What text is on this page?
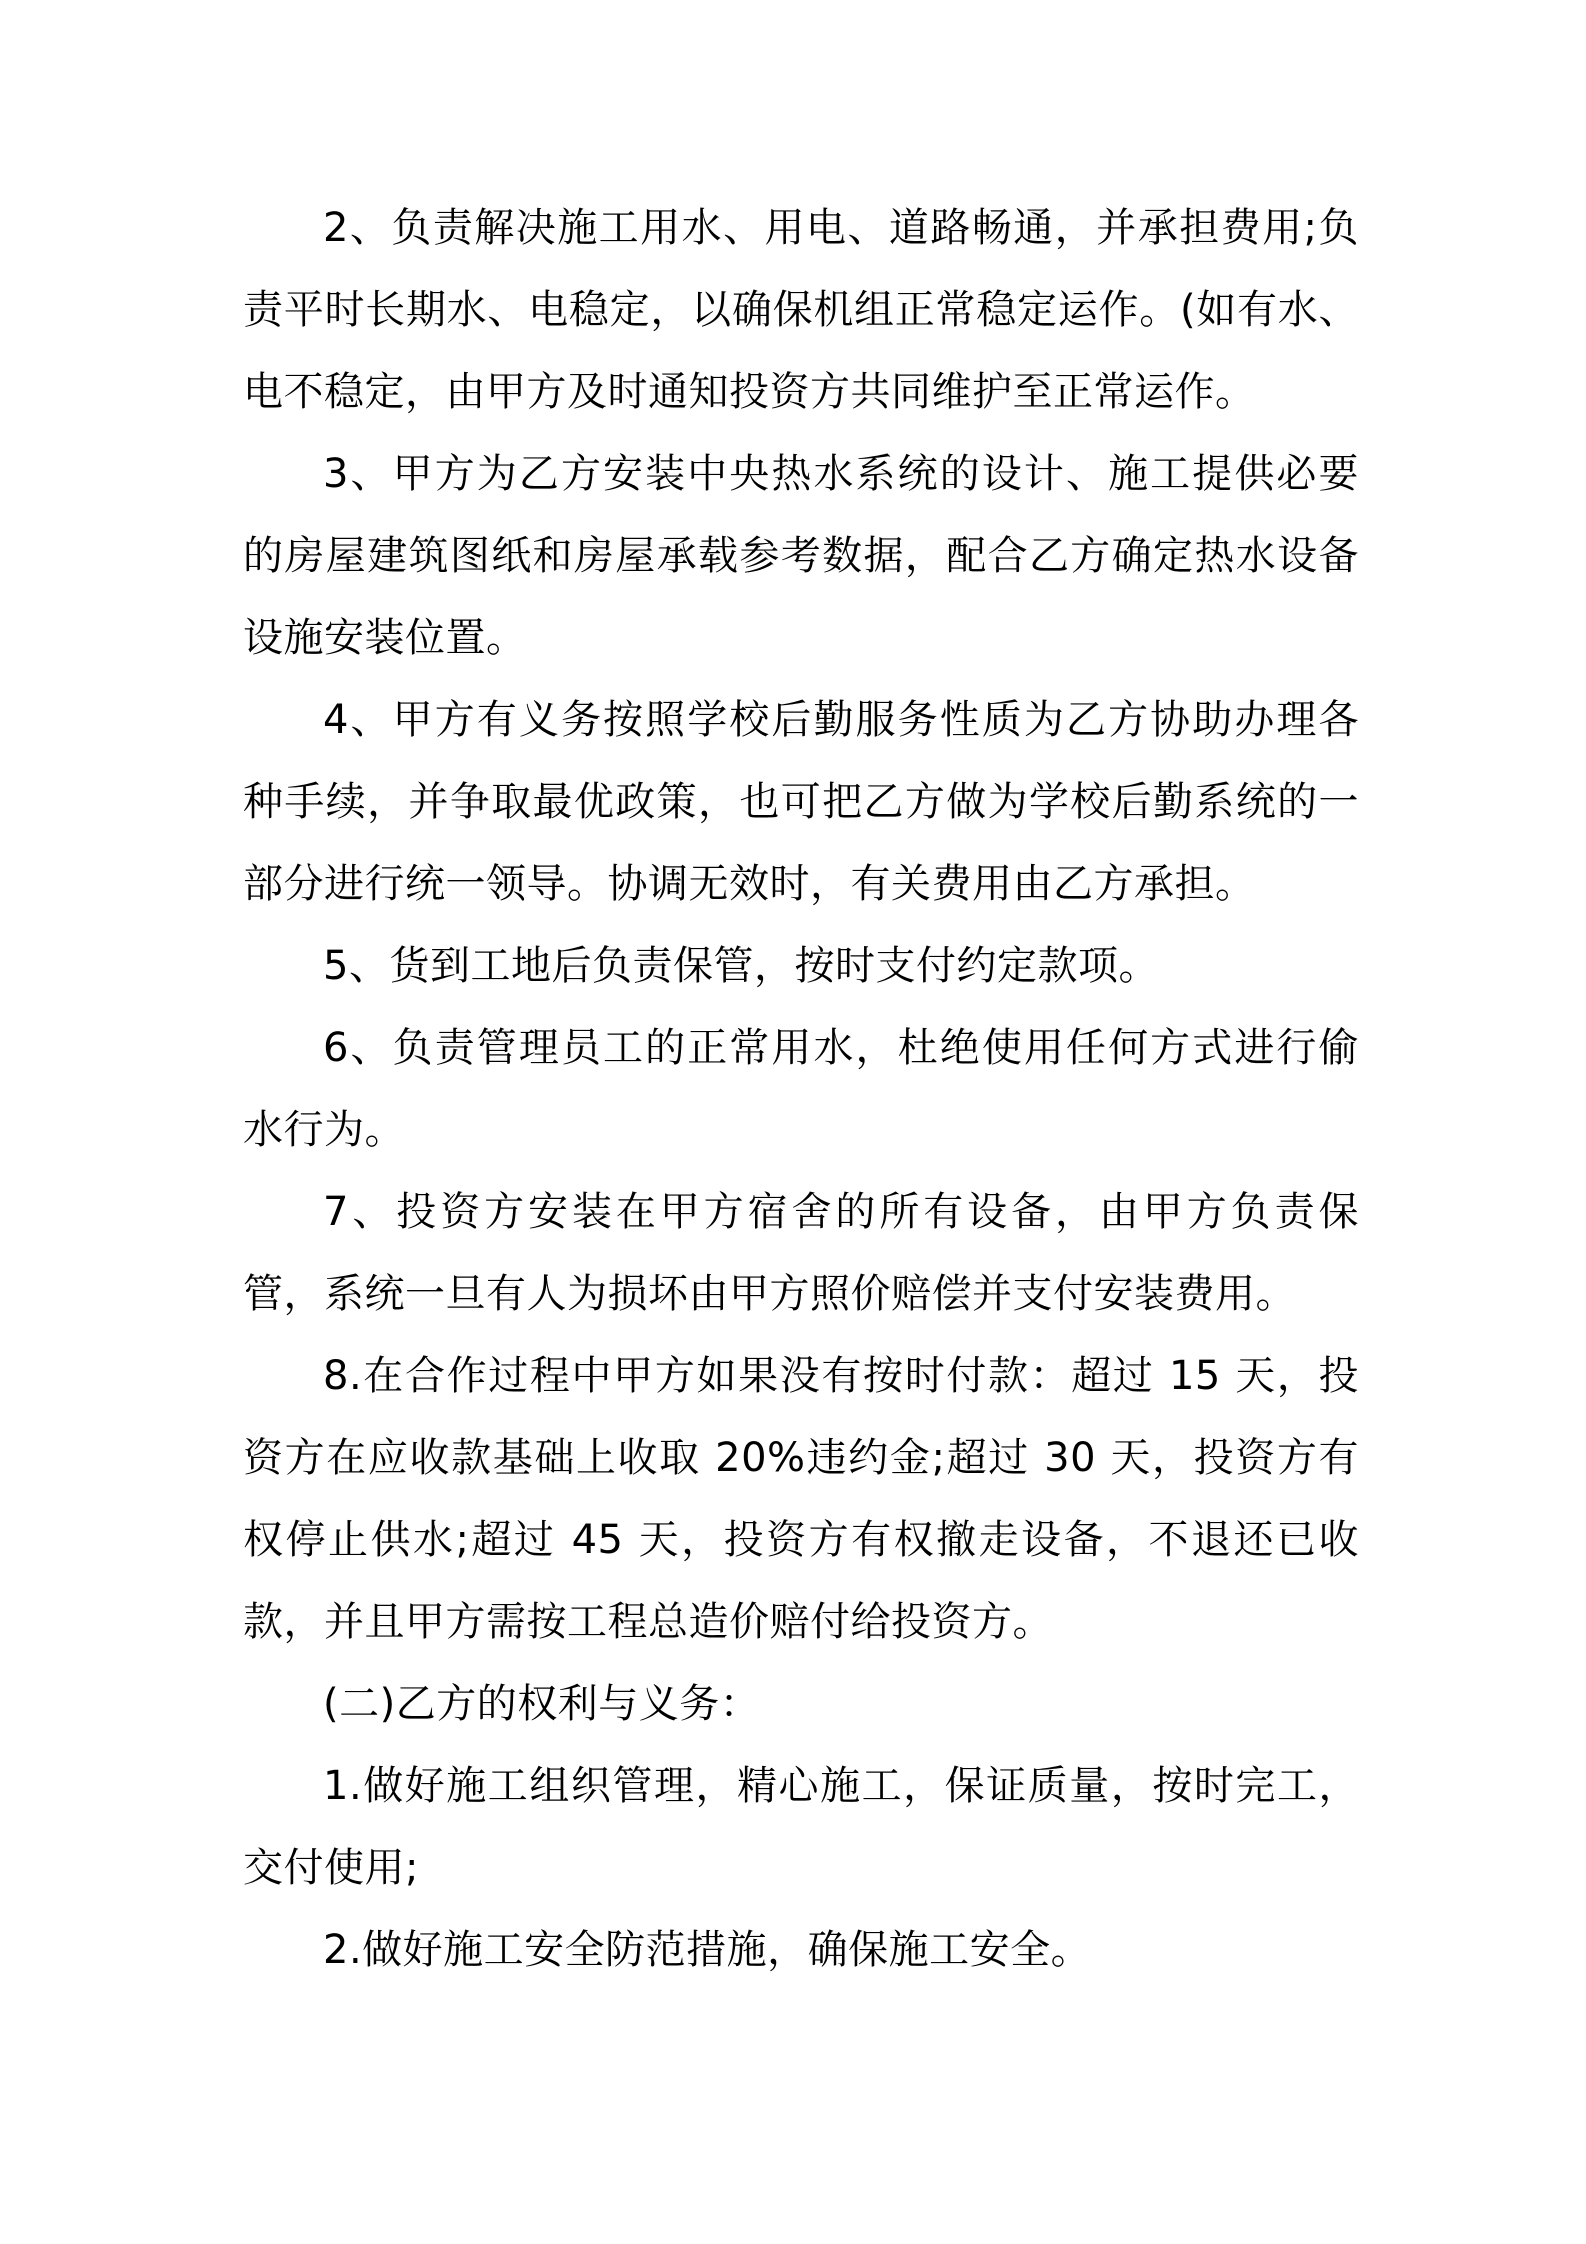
2、负责解决施工用水、用电、道路畅通，并承担费用;负责平时长期水、电稳定，以确保机组正常稳定运作。(如有水、电不稳定，由甲方及时通知投资方共同维护至正常运作。

3、甲方为乙方安装中央热水系统的设计、施工提供必要的房屋建筑图纸和房屋承载参考数据，配合乙方确定热水设备设施安装位置。

4、甲方有义务按照学校后勤服务性质为乙方协助办理各种手续，并争取最优政策，也可把乙方做为学校后勤系统的一部分进行统一领导。协调无效时，有关费用由乙方承担。

5、货到工地后负责保管，按时支付约定款项。

6、负责管理员工的正常用水，杜绝使用任何方式进行偷水行为。

7、投资方安装在甲方宿舍的所有设备，由甲方负责保管，系统一旦有人为损坏由甲方照价赔偿并支付安装费用。

8.在合作过程中甲方如果没有按时付款：超过 15 天，投资方在应收款基础上收取 20%违约金;超过 30 天，投资方有权停止供水;超过 45 天，投资方有权撤走设备，不退还已收款，并且甲方需按工程总造价赔付给投资方。

(二)乙方的权利与义务：

1.做好施工组织管理，精心施工，保证质量，按时完工，交付使用;

2.做好施工安全防范措施，确保施工安全。
